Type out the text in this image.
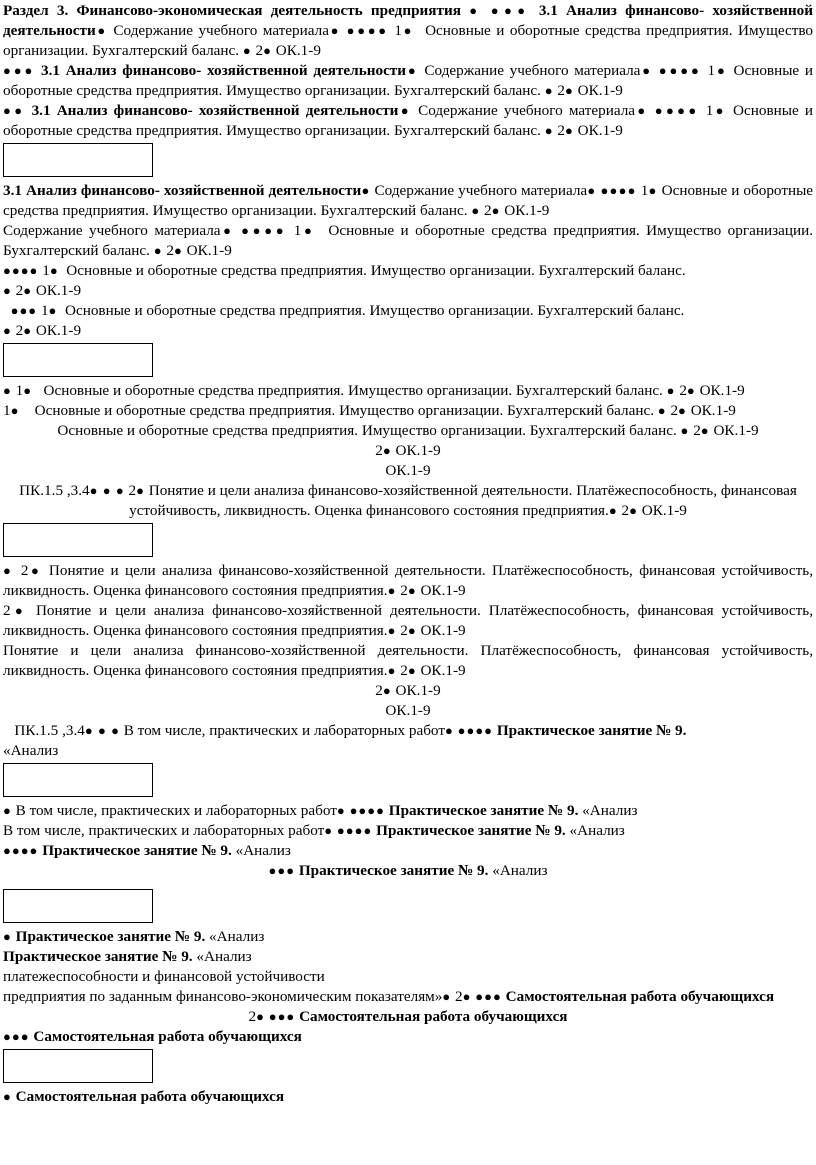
Раздел 3. Финансово-экономическая деятельность предприятия ● ●●● 3.1 Анализ финансово- хозяйственной деятельности● Содержание учебного материала● ●●●● 1● Основные и оборотные средства предприятия. Имущество организации. Бухгалтерский баланс. ● 2● ОК.1-9

●●● 3.1 Анализ финансово- хозяйственной деятельности● Содержание учебного материала● ●●●● 1● Основные и оборотные средства предприятия. Имущество организации. Бухгалтерский баланс. ● 2● ОК.1-9

●● 3.1 Анализ финансово- хозяйственной деятельности● Содержание учебного материала● ●●●● 1● Основные и оборотные средства предприятия. Имущество организации. Бухгалтерский баланс. ● 2● ОК.1-9

3.1 Анализ финансово- хозяйственной деятельности● Содержание учебного материала● ●●●● 1● Основные и оборотные средства предприятия. Имущество организации. Бухгалтерский баланс. ● 2● ОК.1-9

Содержание учебного материала● ●●●● 1● Основные и оборотные средства предприятия. Имущество организации. Бухгалтерский баланс. ● 2● ОК.1-9

●●●● 1● Основные и оборотные средства предприятия. Имущество организации. Бухгалтерский баланс.
● 2● ОК.1-9

●●● 1● Основные и оборотные средства предприятия. Имущество организации. Бухгалтерский баланс.
● 2● ОК.1-9

● 1● Основные и оборотные средства предприятия. Имущество организации. Бухгалтерский баланс. ● 2● ОК.1-9

1● Основные и оборотные средства предприятия. Имущество организации. Бухгалтерский баланс. ● 2● ОК.1-9

Основные и оборотные средства предприятия. Имущество организации. Бухгалтерский баланс. ● 2● ОК.1-9

2● ОК.1-9

ОК.1-9

ПК.1.5 ,3.4● ● ● 2● Понятие и цели анализа финансово-хозяйственной деятельности. Платёжеспособность, финансовая устойчивость, ликвидность. Оценка финансового состояния предприятия.● 2● ОК.1-9

● 2● Понятие и цели анализа финансово-хозяйственной деятельности. Платёжеспособность, финансовая устойчивость, ликвидность. Оценка финансового состояния предприятия.● 2● ОК.1-9

2● Понятие и цели анализа финансово-хозяйственной деятельности. Платёжеспособность, финансовая устойчивость, ликвидность. Оценка финансового состояния предприятия.● 2● ОК.1-9

Понятие и цели анализа финансово-хозяйственной деятельности. Платёжеспособность, финансовая устойчивость, ликвидность. Оценка финансового состояния предприятия.● 2● ОК.1-9

2● ОК.1-9

ОК.1-9

ПК.1.5 ,3.4● ● ● В том числе, практических и лабораторных работ● ●●●● Практическое занятие № 9.
«Анализ

● В том числе, практических и лабораторных работ● ●●●● Практическое занятие № 9. «Анализ

В том числе, практических и лабораторных работ● ●●●● Практическое занятие № 9. «Анализ

●●●● Практическое занятие № 9. «Анализ

●●● Практическое занятие № 9. «Анализ

● Практическое занятие № 9. «Анализ

Практическое занятие № 9. «Анализ

платежеспособности и финансовой устойчивости

предприятия по заданным финансово-экономическим показателям»● 2● ●●● Самостоятельная работа обучающихся

2● ●●● Самостоятельная работа обучающихся

●●● Самостоятельная работа обучающихся

● Самостоятельная работа обучающихся
